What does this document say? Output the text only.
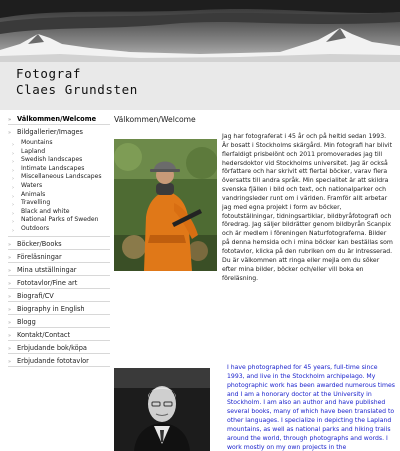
Fotograf
Claes Grundsten
» Välkommen/Welcome
» Bildgallerier/Images
› Mountains
› Lapland
› Swedish landscapes
› Intimate Landscapes
› Miscellaneous Landscapes
› Waters
› Animals
› Travelling
› Black and white
› National Parks of Sweden
› Outdoors
» Böcker/Books
» Föreläsningar
» Mina utställningar
» Fototavlor/Fine art
» Biografi/CV
» Biography in English
» Blogg
» Kontakt/Contact
» Erbjudande bok/köpa
» Erbjudande fototavlor
Välkommen/Welcome
Jag har fotograferat i 45 år och på heltid sedan 1993. Är bosatt i Stockholms skärgård. Min fotografi har blivit flerfaldigt prisbelönt och 2011 promoverades jag till hedersdoktor vid Stockholms universitet. Jag är också författare och har skrivit ett flertal böcker, varav flera översatts till andra språk. Min specialitet är att skildra svenska fjällen i bild och text, och nationalparker och vandringsleder runt om i världen. Framför allt arbetar jag med egna projekt i form av böcker, fotoutställningar, tidningsartiklar, bildbyråfotografi och föredrag. Jag säljer bildrätter genom bildbyrån Scanpix och är medlem i föreningen Naturfotograferna. Bilder på denna hemsida och i mina böcker kan beställas som fototavlor, klicka på den rubriken om du är intresserad. Du är välkommen att ringa eller mejla om du söker efter mina bilder, böcker och/eller vill boka en föreläsning.
I have photographed for 45 years, full-time since 1993, and live in the Stockholm archipelago. My photographic work has been awarded numerous times and I am a honorary doctor at the University in Stockholm. I am also an author and have published several books, many of which have been translated to other languages. I specialize in depicting the Lapland mountains, as well as national parks and hiking trails around the world, through photographs and words. I work mostly on my own projects in the
